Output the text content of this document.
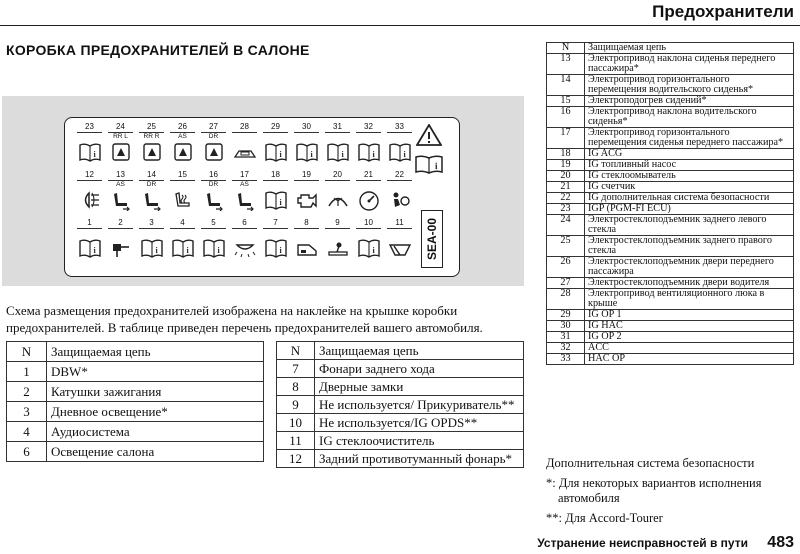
Предохранители
КОРОБКА ПРЕДОХРАНИТЕЛЕЙ В САЛОНЕ
23
i
24
RR L
25
RR R
26
AS
27
DR
28	29
i
30
i
31
i
32
i
33
i
12	13
AS
14
DR
15	16
DR
17
AS
18
i
19	20	21	22
1
i
2	3
i
4
i
5
i
6	7
i
8	9	10
i
11
i
SEA-00
Схема размещения предохранителей изображена на наклейке на крышке коробки предохранителей. В таблице приведен перечень предохранителей вашего автомобиля.
N	Защищаемая цепь
1	DBW*
2	Катушки зажигания
3	Дневное освещение*
4	Аудиосистема
6	Освещение салона
N	Защищаемая цепь
7	Фонари заднего хода
8	Дверные замки
9	Не используется/ Прикуриватель**
10	Не используется/IG OPDS**
11	IG стеклоочиститель
12	Задний противотуманный фонарь*
N	Защищаемая цепь
13	Электропривод наклона сиденья переднего пассажира*
14	Электропривод горизонтального перемещения водительского сиденья*
15	Электроподогрев сидений*
16	Электропривод наклона водительского сиденья*
17	Электропривод горизонтального перемещения сиденья переднего пассажира*
18	IG ACG
19	IG топливный насос
20	IG стеклоомыватель
21	IG счетчик
22	IG дополнительная система безопасности
23	IGP (PGM-FI ECU)
24	Электростеклоподъемник заднего левого стекла
25	Электростеклоподъемник заднего правого стекла
26	Электростеклоподъемник двери переднего пассажира
27	Электростеклоподъемник двери водителя
28	Электропривод вентиляционного люка в крыше
29	IG OP 1
30	IG HAC
31	IG OP 2
32	ACC
33	HAC OP
Дополнительная система безопасности
*: Для некоторых вариантов исполнения автомобиля
**: Для Accord-Tourer
Устранение неисправностей в пути 483
